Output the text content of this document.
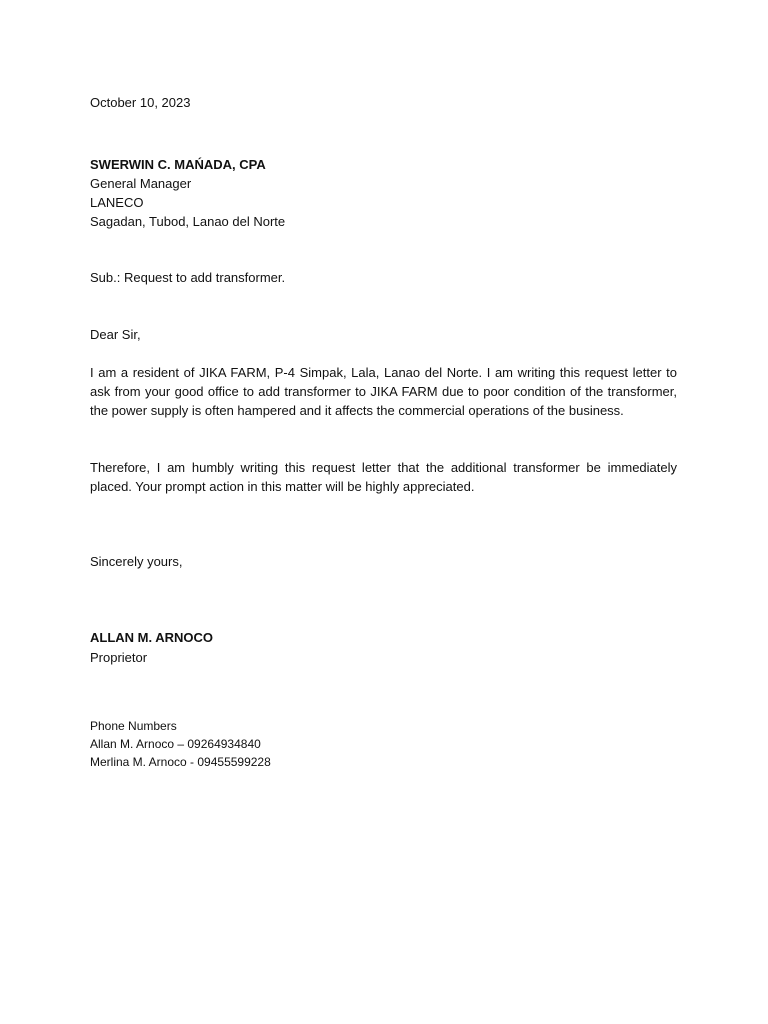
October 10, 2023
SWERWIN C. MAŃADA, CPA
General Manager
LANECO
Sagadan, Tubod, Lanao del Norte
Sub.: Request to add transformer.
Dear Sir,

I am a resident of JIKA FARM, P-4 Simpak, Lala, Lanao del Norte. I am writing this request letter to ask from your good office to add transformer to JIKA FARM due to poor condition of the transformer, the power supply is often hampered and it affects the commercial operations of the business.

Therefore, I am humbly writing this request letter that the additional transformer be immediately placed. Your prompt action in this matter will be highly appreciated.

Sincerely yours,
ALLAN M. ARNOCO
Proprietor
Phone Numbers
Allan M. Arnoco – 09264934840
Merlina M. Arnoco - 09455599228
